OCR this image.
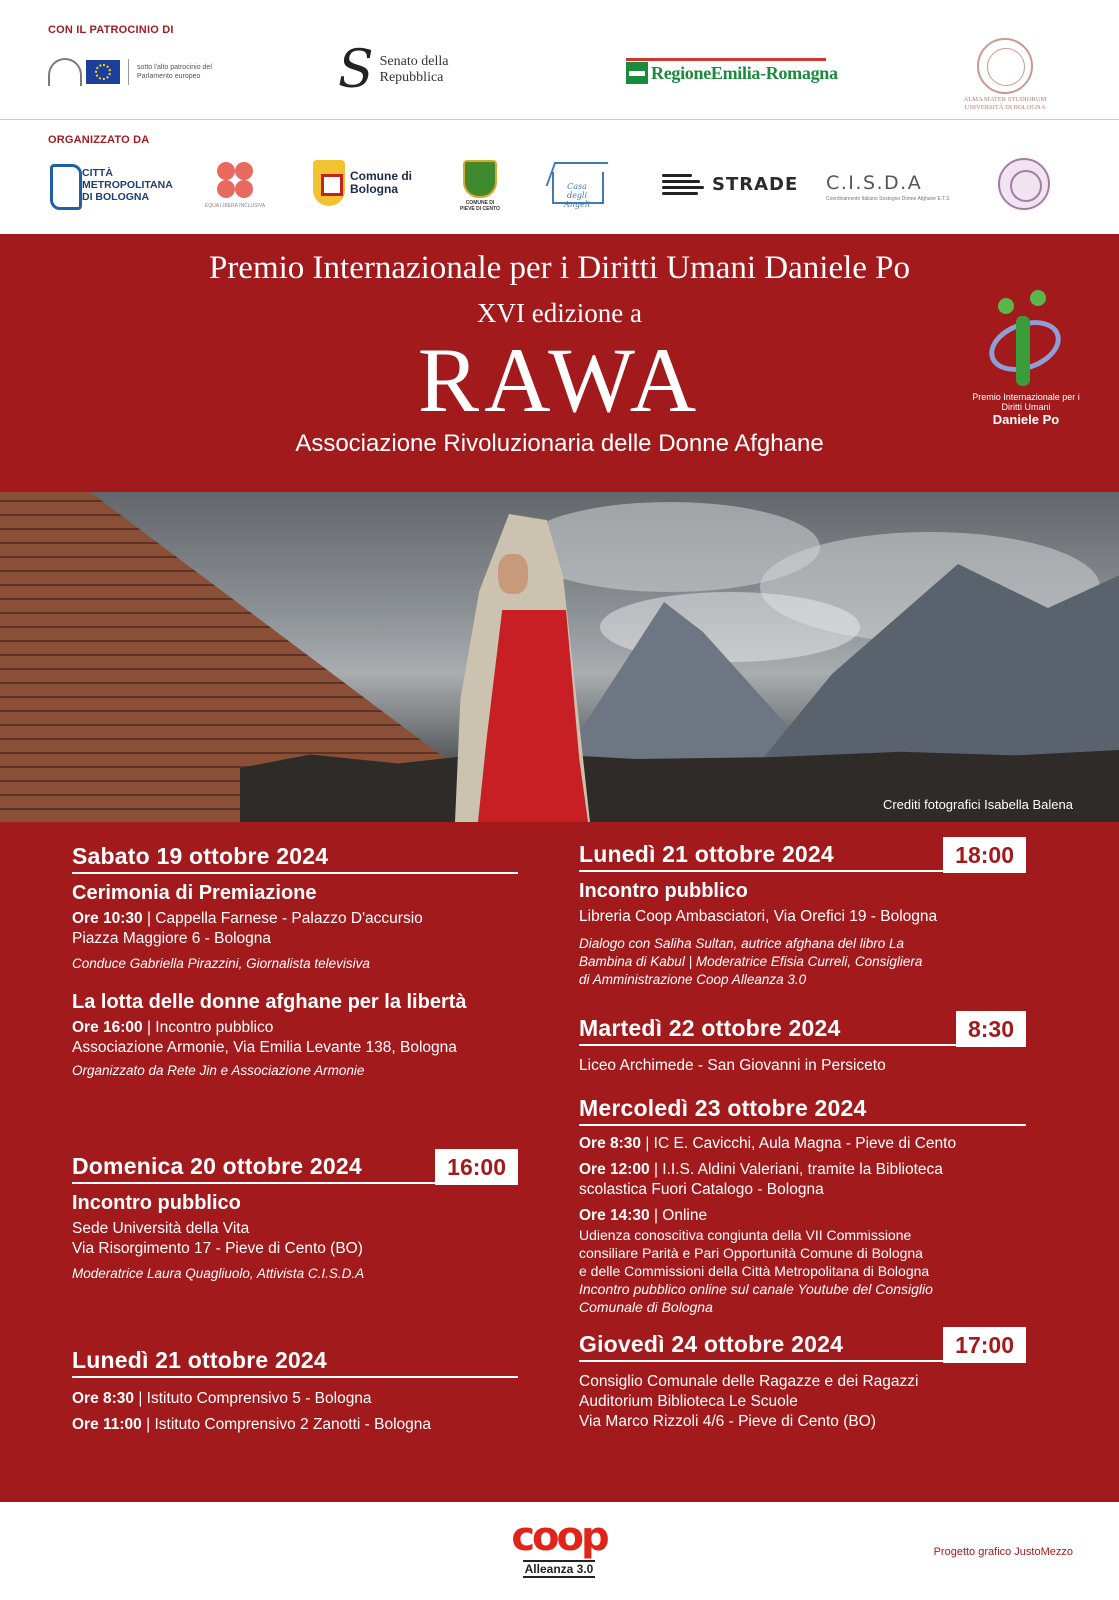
CON IL PATROCINIO DI
sotto l'alto patrocinio del Parlamento europeo	S Senato della Repubblica	RegioneEmilia-Romagna
ALMA MATER STUDIORUM UNIVERSITÀ DI BOLOGNA
ORGANIZZATO DA
CITTÀ METROPOLITANA DI BOLOGNA
EQUA LIBERA INCLUSIVA
Comune di Bologna
COMUNE DI PIEVE DI CENTO
Casa degli Angeli
STRADE C.I.S.D.A
Coordinamento Italiano Sostegno Donne Afghane E.T.S
Premio Internazionale per i Diritti Umani Daniele Po
XVI edizione a
RAWA
Associazione Rivoluzionaria delle Donne Afghane
Premio Internazionale per i Diritti Umani
Daniele Po
Crediti fotografici Isabella Balena
Sabato 19 ottobre 2024
Cerimonia di Premiazione
Ore 10:30 | Cappella Farnese - Palazzo D'accursio
Piazza Maggiore 6 - Bologna
Conduce Gabriella Pirazzini, Giornalista televisiva
La lotta delle donne afghane per la libertà
Ore 16:00 | Incontro pubblico
Associazione Armonie, Via Emilia Levante 138, Bologna
Organizzato da Rete Jin e Associazione Armonie
Domenica 20 ottobre 2024	16:00
Incontro pubblico
Sede Università della Vita
Via Risorgimento 17 - Pieve di Cento (BO)
Moderatrice Laura Quagliuolo, Attivista C.I.S.D.A
Lunedì 21 ottobre 2024
Ore 8:30 | Istituto Comprensivo 5 - Bologna
Ore 11:00 | Istituto Comprensivo 2 Zanotti - Bologna
Lunedì 21 ottobre 2024	18:00
Incontro pubblico
Libreria Coop Ambasciatori, Via Orefici 19 - Bologna
Dialogo con Saliha Sultan, autrice afghana del libro La
Bambina di Kabul | Moderatrice Efisia Curreli, Consigliera
di Amministrazione Coop Alleanza 3.0
Martedì 22 ottobre 2024	8:30
Liceo Archimede - San Giovanni in Persiceto
Mercoledì 23 ottobre 2024
Ore 8:30 | IC E. Cavicchi, Aula Magna - Pieve di Cento
Ore 12:00 | I.I.S. Aldini Valeriani, tramite la Biblioteca
scolastica Fuori Catalogo - Bologna
Ore 14:30 | Online
Udienza conoscitiva congiunta della VII Commissione
consiliare Parità e Pari Opportunità Comune di Bologna
e delle Commissioni della Città Metropolitana di Bologna
Incontro pubblico online sul canale Youtube del Consiglio
Comunale di Bologna
Giovedì 24 ottobre 2024	17:00
Consiglio Comunale delle Ragazze e dei Ragazzi
Auditorium Biblioteca Le Scuole
Via Marco Rizzoli 4/6 - Pieve di Cento (BO)
coop
Alleanza 3.0
Progetto grafico JustoMezzo
